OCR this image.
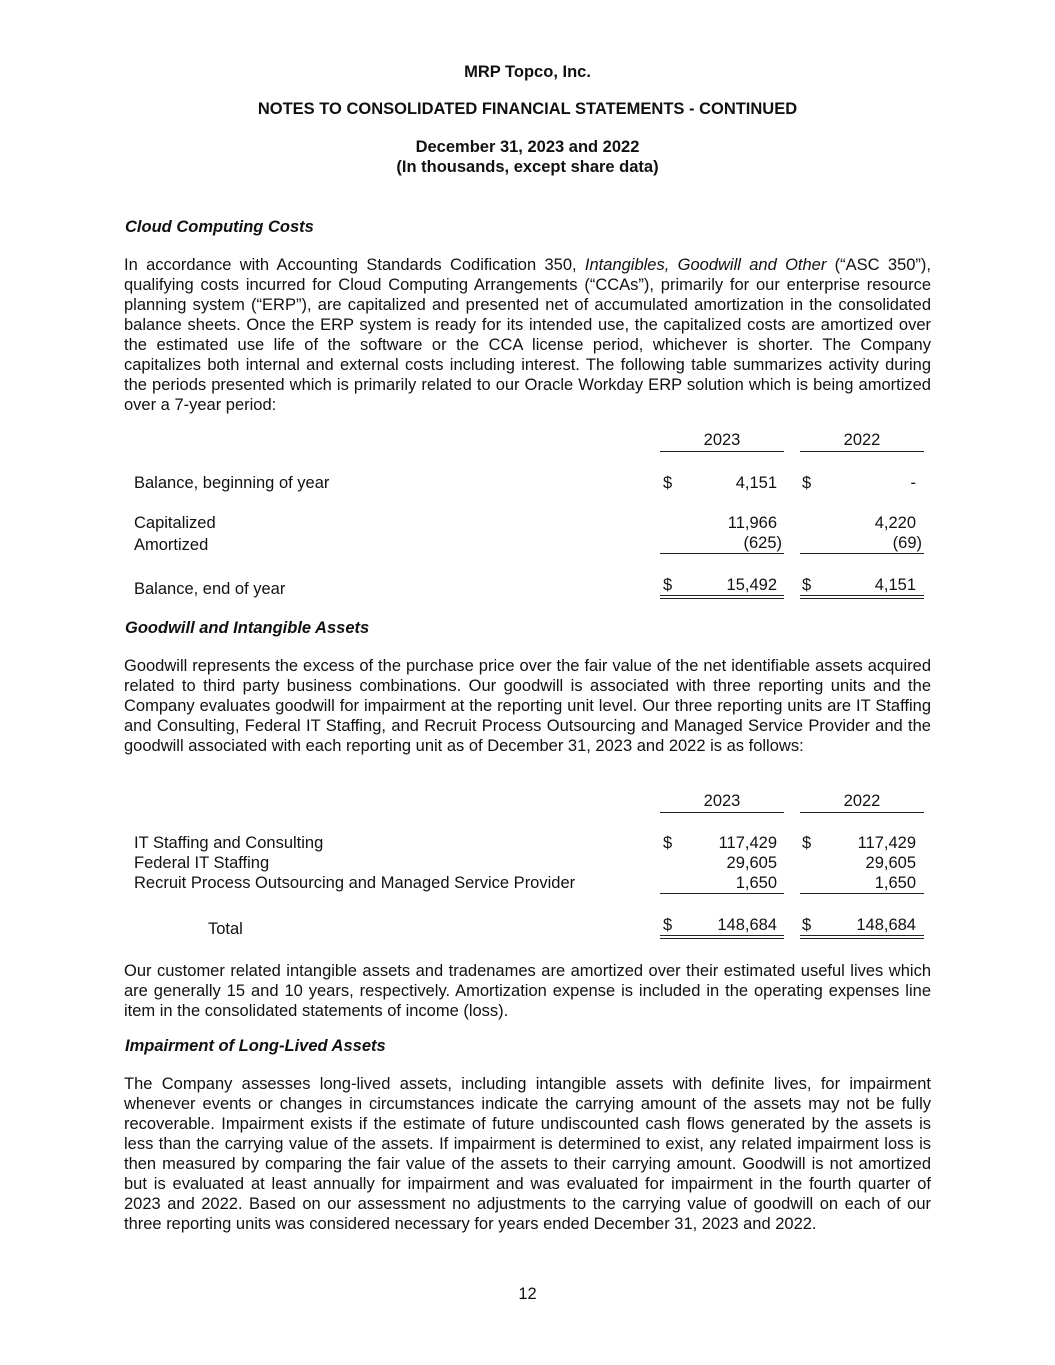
MRP Topco, Inc.
NOTES TO CONSOLIDATED FINANCIAL STATEMENTS - CONTINUED
December 31, 2023 and 2022
(In thousands, except share data)
Cloud Computing Costs
In accordance with Accounting Standards Codification 350, Intangibles, Goodwill and Other (“ASC 350”), qualifying costs incurred for Cloud Computing Arrangements (“CCAs”), primarily for our enterprise resource planning system (“ERP”), are capitalized and presented net of accumulated amortization in the consolidated balance sheets. Once the ERP system is ready for its intended use, the capitalized costs are amortized over the estimated use life of the software or the CCA license period, whichever is shorter. The Company capitalizes both internal and external costs including interest. The following table summarizes activity during the periods presented which is primarily related to our Oracle Workday ERP solution which is being amortized over a 7-year period:
2023	2022
Balance, beginning of year	$	4,151 $	-
Capitalized	11,966	4,220
Amortized	(625)	(69)
Balance, end of year	$	15,492 $	4,151
Goodwill and Intangible Assets
Goodwill represents the excess of the purchase price over the fair value of the net identifiable assets acquired related to third party business combinations. Our goodwill is associated with three reporting units and the Company evaluates goodwill for impairment at the reporting unit level. Our three reporting units are IT Staffing and Consulting, Federal IT Staffing, and Recruit Process Outsourcing and Managed Service Provider and the goodwill associated with each reporting unit as of December 31, 2023 and 2022 is as follows:
2023	2022
IT Staffing and Consulting	$	117,429 $	117,429
Federal IT Staffing	29,605	29,605
Recruit Process Outsourcing and Managed Service Provider	1,650	1,650
Total	$	148,684 $	148,684
Our customer related intangible assets and tradenames are amortized over their estimated useful lives which are generally 15 and 10 years, respectively. Amortization expense is included in the operating expenses line item in the consolidated statements of income (loss).
Impairment of Long-Lived Assets
The Company assesses long-lived assets, including intangible assets with definite lives, for impairment whenever events or changes in circumstances indicate the carrying amount of the assets may not be fully recoverable. Impairment exists if the estimate of future undiscounted cash flows generated by the assets is less than the carrying value of the assets. If impairment is determined to exist, any related impairment loss is then measured by comparing the fair value of the assets to their carrying amount. Goodwill is not amortized but is evaluated at least annually for impairment and was evaluated for impairment in the fourth quarter of 2023 and 2022. Based on our assessment no adjustments to the carrying value of goodwill on each of our three reporting units was considered necessary for years ended December 31, 2023 and 2022.
12
